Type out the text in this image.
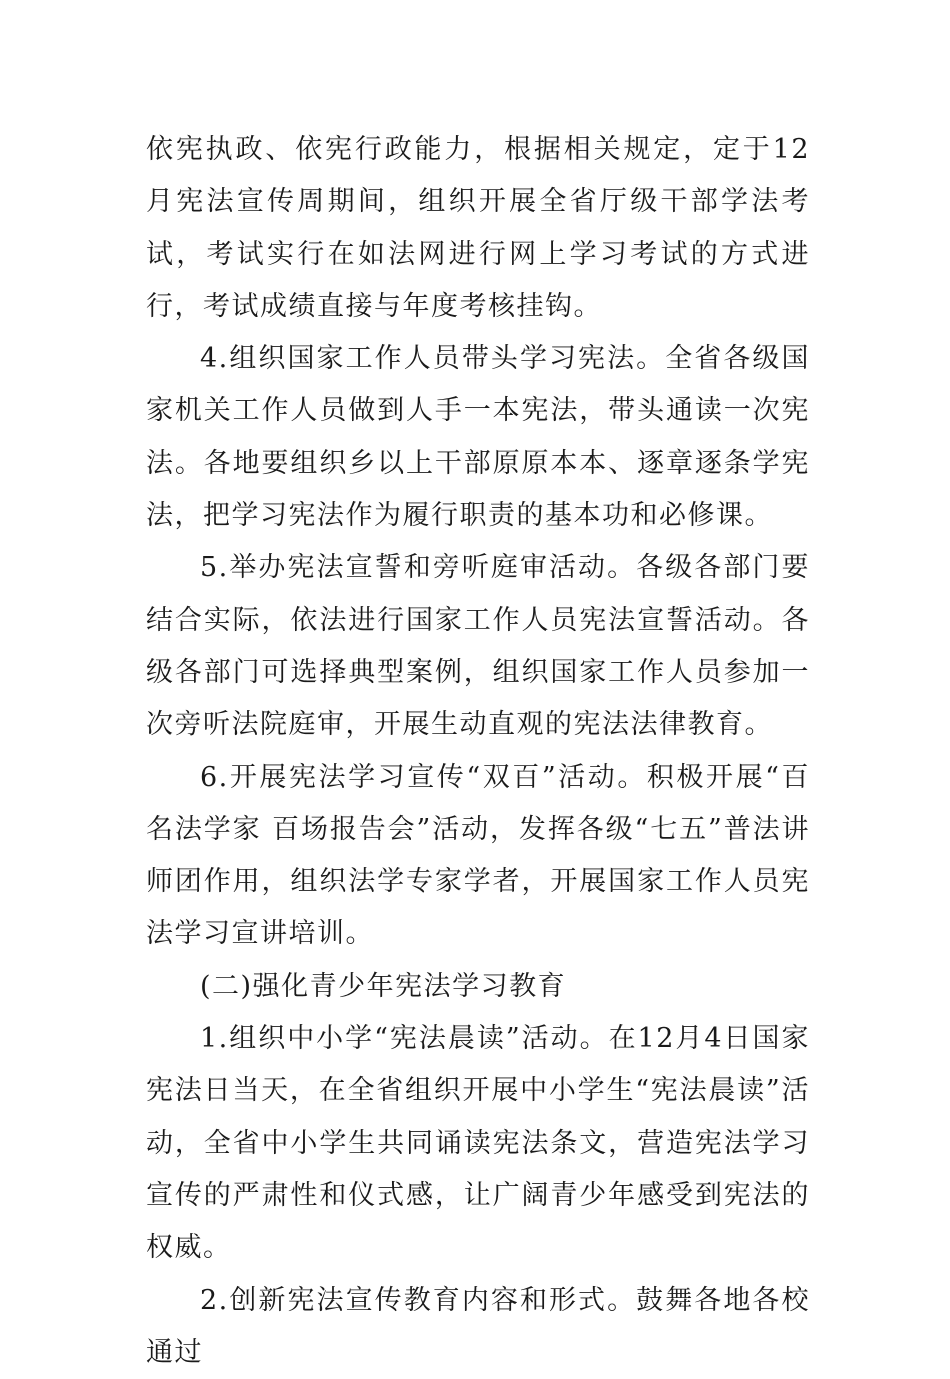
依宪执政、依宪行政能力，根据相关规定，定于12月宪法宣传周期间，组织开展全省厅级干部学法考试，考试实行在如法网进行网上学习考试的方式进行，考试成绩直接与年度考核挂钩。

4.组织国家工作人员带头学习宪法。全省各级国家机关工作人员做到人手一本宪法，带头通读一次宪法。各地要组织乡以上干部原原本本、逐章逐条学宪法，把学习宪法作为履行职责的基本功和必修课。

5.举办宪法宣誓和旁听庭审活动。各级各部门要结合实际，依法进行国家工作人员宪法宣誓活动。各级各部门可选择典型案例，组织国家工作人员参加一次旁听法院庭审，开展生动直观的宪法法律教育。

6.开展宪法学习宣传“双百”活动。积极开展“百名法学家 百场报告会”活动，发挥各级“七五”普法讲师团作用，组织法学专家学者，开展国家工作人员宪法学习宣讲培训。

(二)强化青少年宪法学习教育

1.组织中小学“宪法晨读”活动。在12月4日国家宪法日当天，在全省组织开展中小学生“宪法晨读”活动，全省中小学生共同诵读宪法条文，营造宪法学习宣传的严肃性和仪式感，让广阔青少年感受到宪法的权威。

2.创新宪法宣传教育内容和形式。鼓舞各地各校通过
